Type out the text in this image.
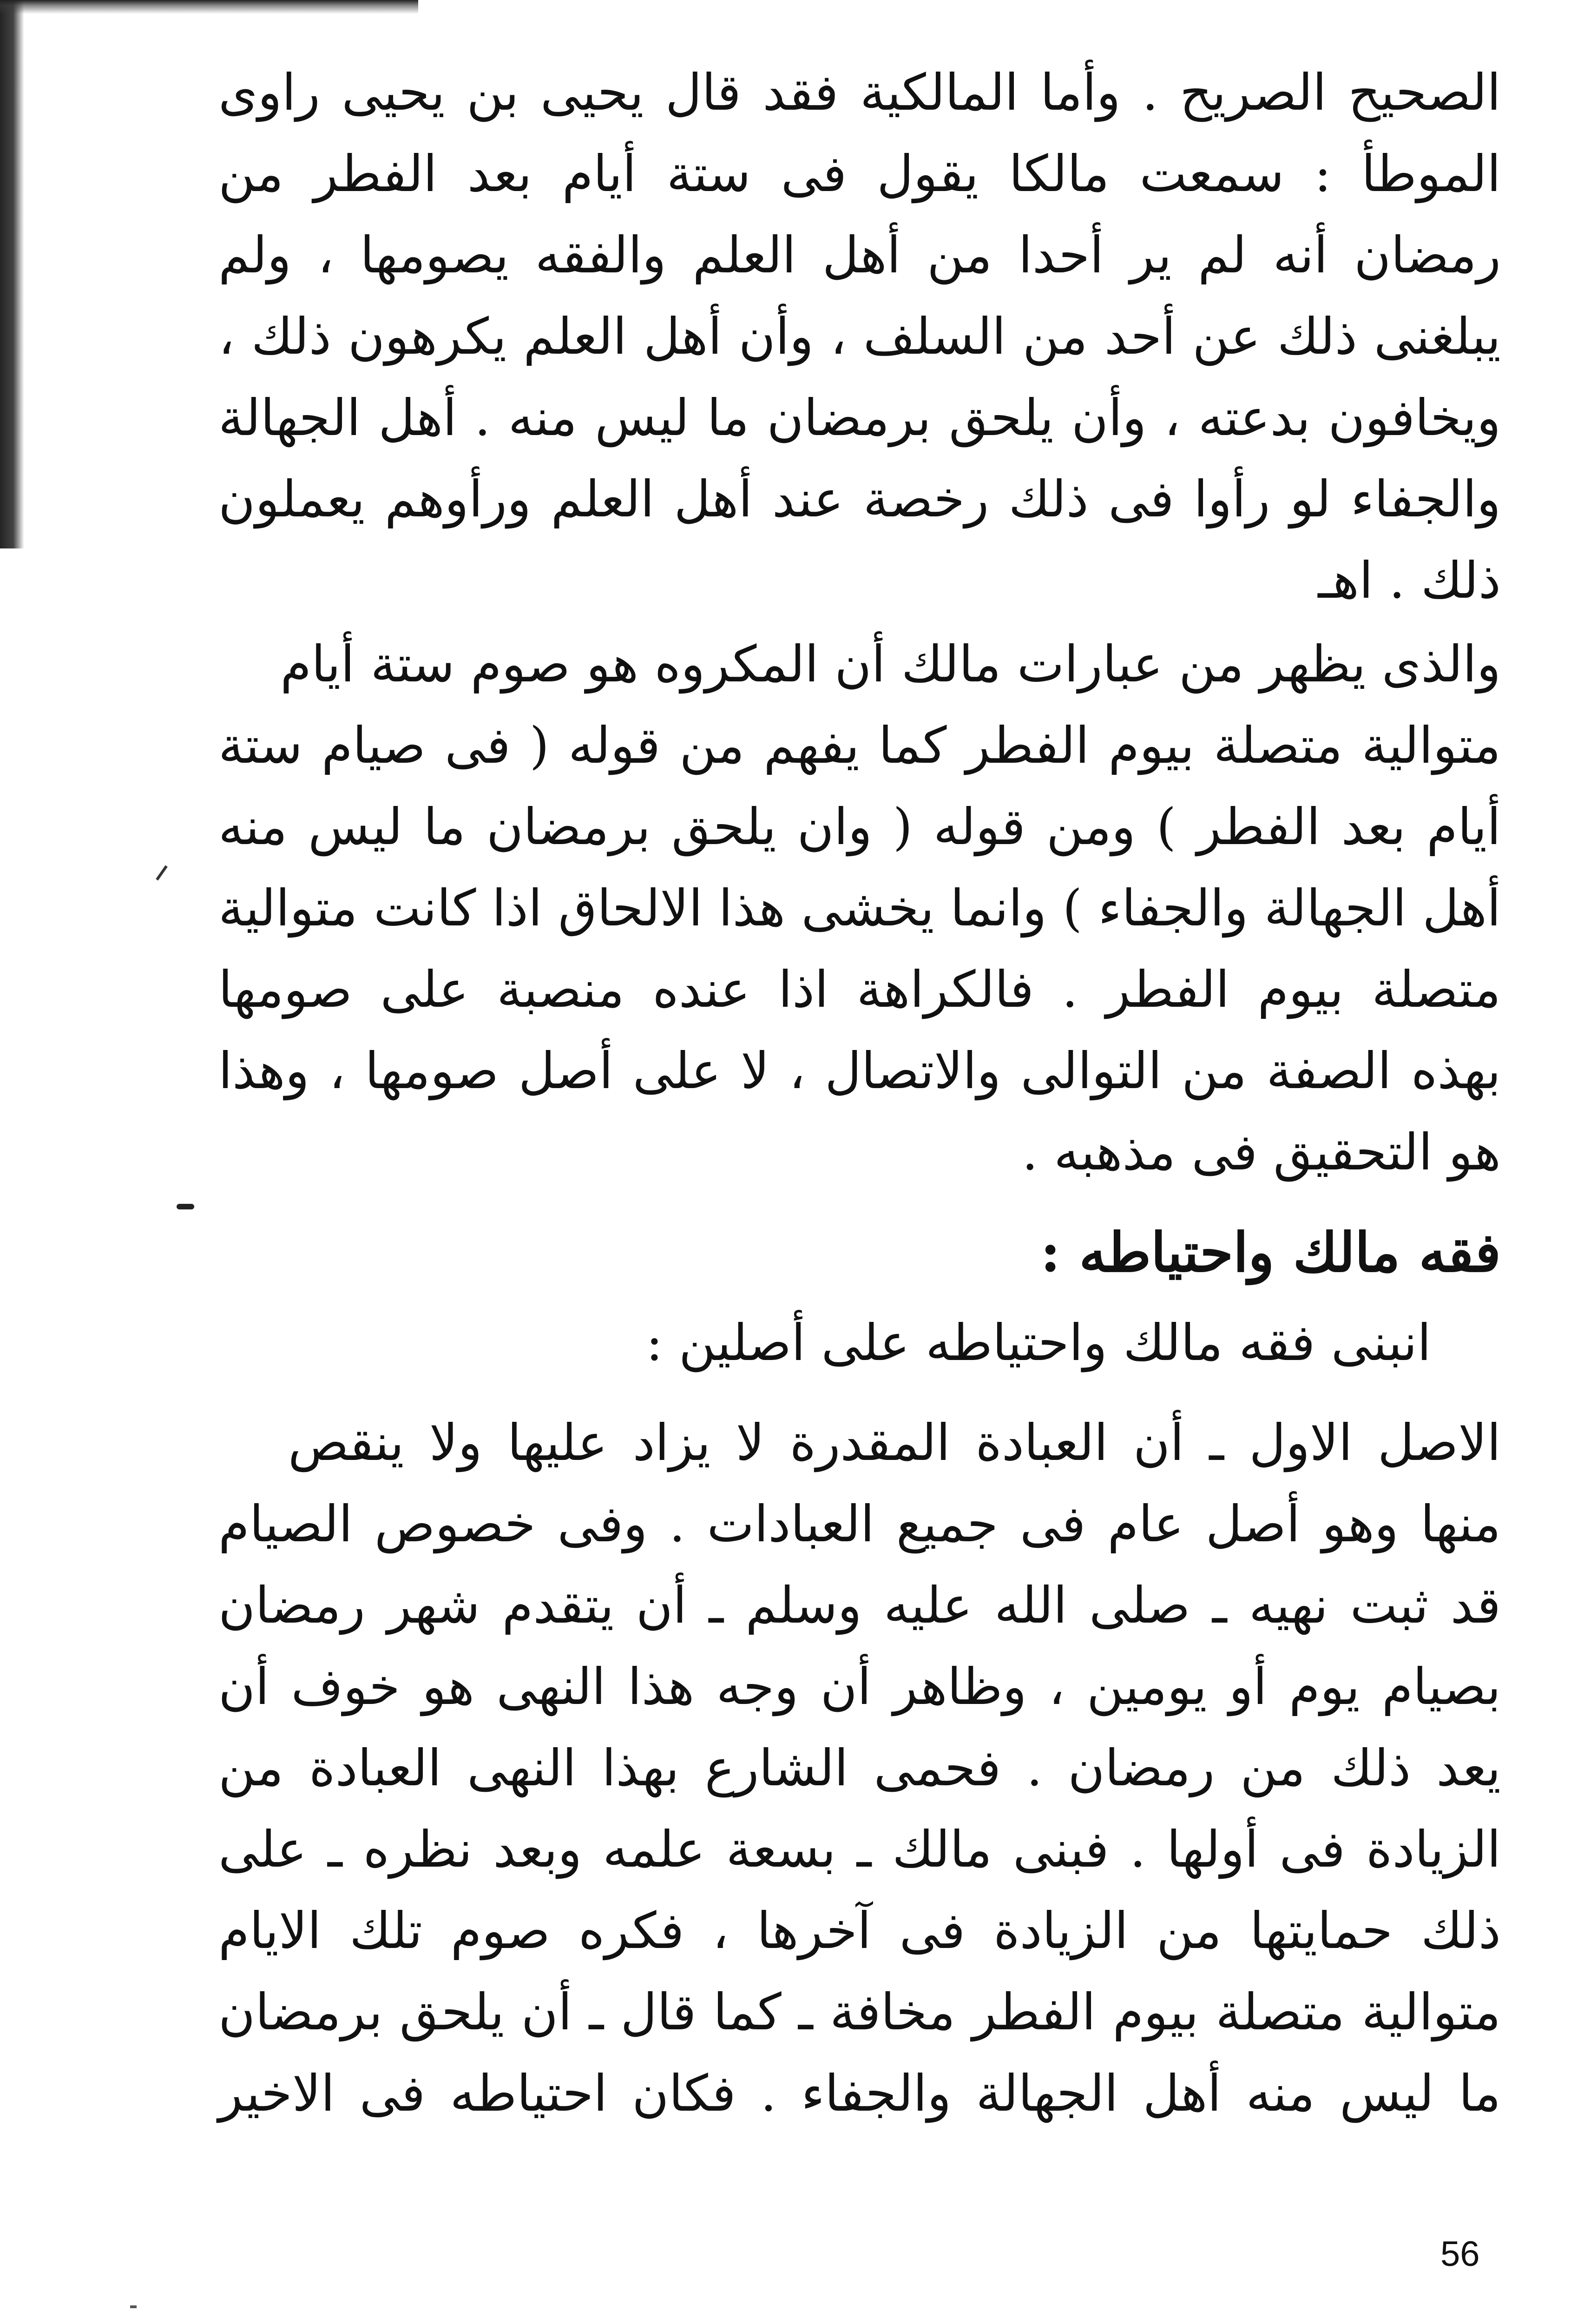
الصحيح الصريح . وأما المالكية فقد قال يحيى بن يحيى راوى
الموطأ : سمعت مالكا يقول فى ستة أيام بعد الفطر من
رمضان أنه لم ير أحدا من أهل العلم والفقه يصومها ، ولم
يبلغنى ذلك عن أحد من السلف ، وأن أهل العلم يكرهون ذلك ،
ويخافون بدعته ، وأن يلحق برمضان ما ليس منه . أهل الجهالة
والجفاء لو رأوا فى ذلك رخصة عند أهل العلم ورأوهم يعملون
ذلك . اهـ
والذى يظهر من عبارات مالك أن المكروه هو صوم ستة أيام
متوالية متصلة بيوم الفطر كما يفهم من قوله ( فى صيام ستة
أيام بعد الفطر ) ومن قوله ( وان يلحق برمضان ما ليس منه
أهل الجهالة والجفاء ) وانما يخشى هذا الالحاق اذا كانت متوالية
متصلة بيوم الفطر . فالكراهة اذا عنده منصبة على صومها
بهذه الصفة من التوالى والاتصال ، لا على أصل صومها ، وهذا
هو التحقيق فى مذهبه .
فقه مالك واحتياطه :
انبنى فقه مالك واحتياطه على أصلين :
الاصل الاول ـ أن العبادة المقدرة لا يزاد عليها ولا ينقص
منها وهو أصل عام فى جميع العبادات . وفى خصوص الصيام
قد ثبت نهيه ـ صلى الله عليه وسلم ـ أن يتقدم شهر رمضان
بصيام يوم أو يومين ، وظاهر أن وجه هذا النهى هو خوف أن
يعد ذلك من رمضان . فحمى الشارع بهذا النهى العبادة من
الزيادة فى أولها . فبنى مالك ـ بسعة علمه وبعد نظره ـ على
ذلك حمايتها من الزيادة فى آخرها ، فكره صوم تلك الايام
متوالية متصلة بيوم الفطر مخافة ـ كما قال ـ أن يلحق برمضان
ما ليس منه أهل الجهالة والجفاء . فكان احتياطه فى الاخير
56
